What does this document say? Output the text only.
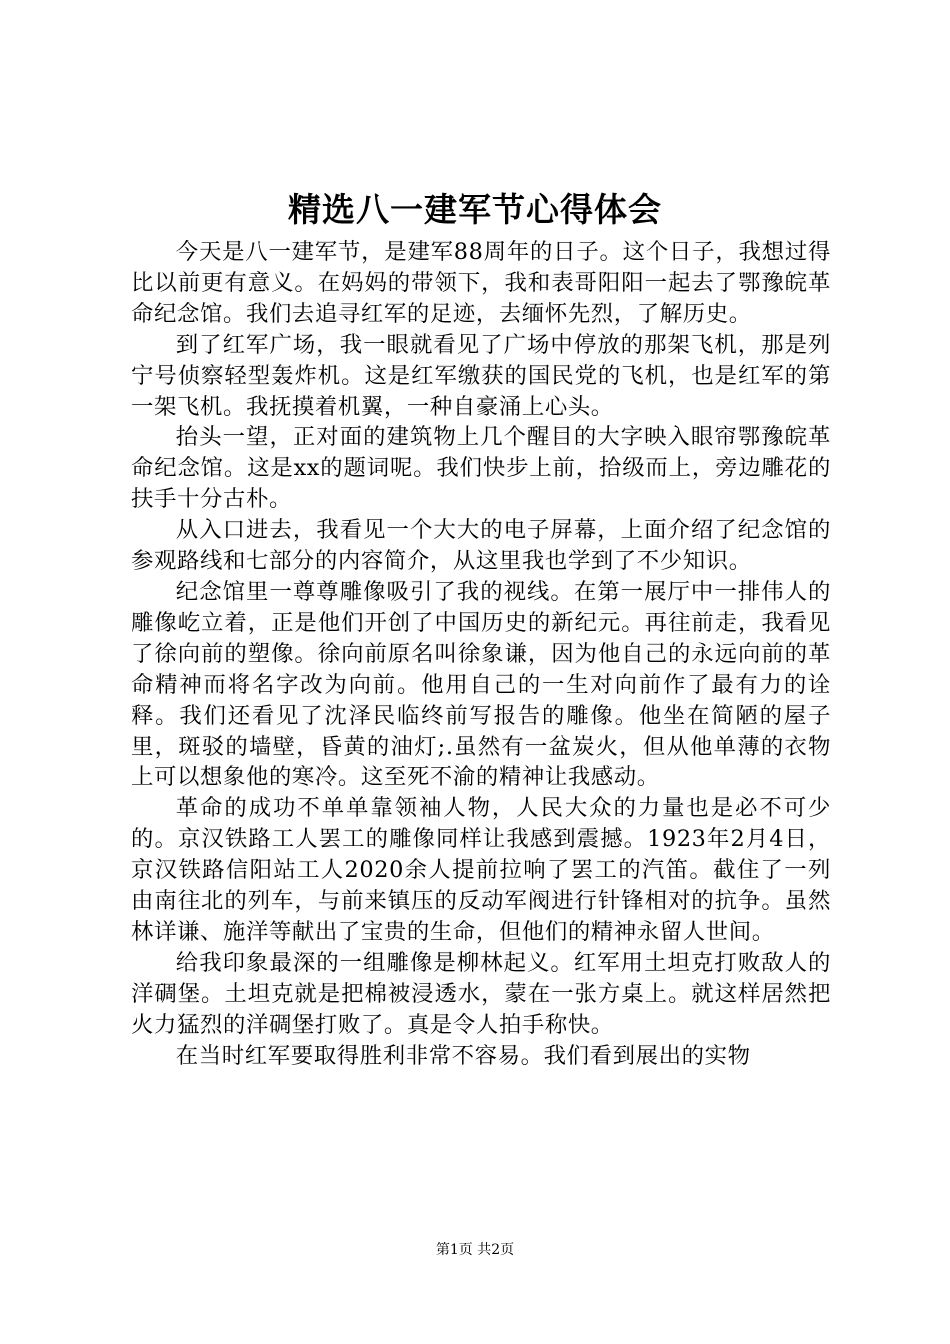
精选八一建军节心得体会

今天是八一建军节，是建军88周年的日子。这个日子，我想过得比以前更有意义。在妈妈的带领下，我和表哥阳阳一起去了鄂豫皖革命纪念馆。我们去追寻红军的足迹，去缅怀先烈，了解历史。

到了红军广场，我一眼就看见了广场中停放的那架飞机，那是列宁号侦察轻型轰炸机。这是红军缴获的国民党的飞机，也是红军的第一架飞机。我抚摸着机翼，一种自豪涌上心头。

抬头一望，正对面的建筑物上几个醒目的大字映入眼帘鄂豫皖革命纪念馆。这是xx的题词呢。我们快步上前，拾级而上，旁边雕花的扶手十分古朴。

从入口进去，我看见一个大大的电子屏幕，上面介绍了纪念馆的参观路线和七部分的内容简介，从这里我也学到了不少知识。

纪念馆里一尊尊雕像吸引了我的视线。在第一展厅中一排伟人的雕像屹立着，正是他们开创了中国历史的新纪元。再往前走，我看见了徐向前的塑像。徐向前原名叫徐象谦，因为他自己的永远向前的革命精神而将名字改为向前。他用自己的一生对向前作了最有力的诠释。我们还看见了沈泽民临终前写报告的雕像。他坐在简陋的屋子里，斑驳的墙壁，昏黄的油灯;.虽然有一盆炭火，但从他单薄的衣物上可以想象他的寒冷。这至死不渝的精神让我感动。

革命的成功不单单靠领袖人物，人民大众的力量也是必不可少的。京汉铁路工人罢工的雕像同样让我感到震撼。1923年2月4日，京汉铁路信阳站工人2020余人提前拉响了罢工的汽笛。截住了一列由南往北的列车，与前来镇压的反动军阀进行针锋相对的抗争。虽然林详谦、施洋等献出了宝贵的生命，但他们的精神永留人世间。

给我印象最深的一组雕像是柳林起义。红军用土坦克打败敌人的洋碉堡。土坦克就是把棉被浸透水，蒙在一张方桌上。就这样居然把火力猛烈的洋碉堡打败了。真是令人拍手称快。

在当时红军要取得胜利非常不容易。我们看到展出的实物

第1页 共2页
